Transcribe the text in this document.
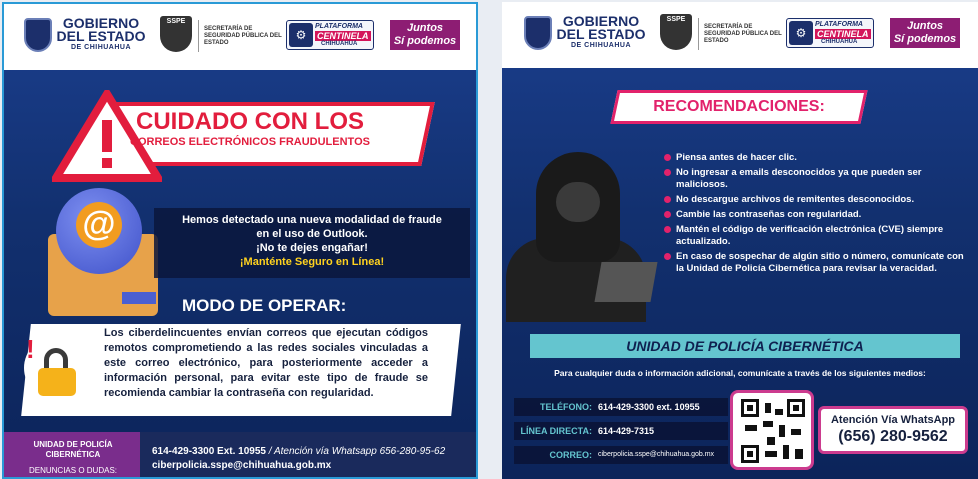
GOBIERNO
DEL ESTADO
DE CHIHUAHUA
SSPE
SECRETARÍA DE SEGURIDAD PÚBLICA DEL ESTADO
⚙
PLATAFORMA
CENTINELA
CHIHUAHUA
Juntos
Sí podemos
CUIDADO CON LOS
CORREOS ELECTRÓNICOS FRAUDULENTOS
@	Hemos detectado una nueva modalidad de fraude
en el uso de Outlook.
¡No te dejes engañar!
¡Manténte Seguro en Línea!
MODO DE OPERAR:
!
Los ciberdelincuentes envían correos que ejecutan códigos remotos comprometiendo a las redes sociales vinculadas a este correo electrónico, para posteriormente acceder a información personal, para evitar este tipo de fraude se recomienda cambiar la contraseña con regularidad.
UNIDAD DE POLICÍA CIBERNÉTICA
DENUNCIAS O DUDAS:
614-429-3300 Ext. 10955 / Atención vía Whatsapp 656-280-95-62
ciberpolicia.sspe@chihuahua.gob.mx
GOBIERNO
DEL ESTADO
DE CHIHUAHUA
SSPE
SECRETARÍA DE SEGURIDAD PÚBLICA DEL ESTADO
⚙
PLATAFORMA
CENTINELA
CHIHUAHUA
Juntos
Sí podemos
RECOMENDACIONES:
Piensa antes de hacer clic.
No ingresar a emails desconocidos ya que pueden ser maliciosos.
No descargue archivos de remitentes desconocidos.
Cambie las contraseñas con regularidad.
Mantén el código de verificación electrónica (CVE) siempre actualizado.
En caso de sospechar de algún sitio o número, comunícate con la Unidad de Policía Cibernética para revisar la veracidad.
UNIDAD DE POLICÍA CIBERNÉTICA
Para cualquier duda o información adicional, comunícate a través de los siguientes medios:
TELÉFONO: 614-429-3300 ext. 10955
LÍNEA DIRECTA: 614-429-7315
CORREO: ciberpolicia.sspe@chihuahua.gob.mx
Atención Vía WhatsApp
(656) 280-9562
